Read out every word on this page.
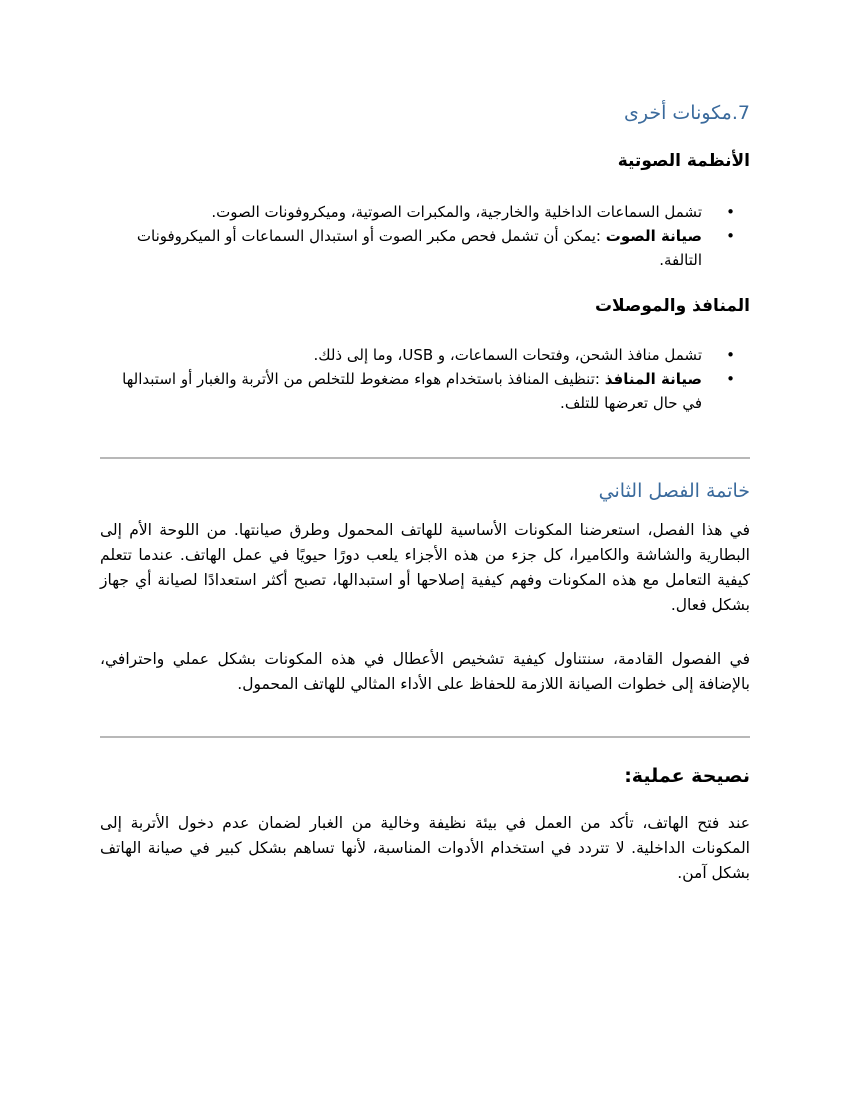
7.مكونات أخرى
الأنظمة الصوتية
•
تشمل السماعات الداخلية والخارجية، والمكبرات الصوتية، وميكروفونات الصوت.
•
صيانة الصوت :يمكن أن تشمل فحص مكبر الصوت أو استبدال السماعات أو الميكروفونات التالفة.
المنافذ والموصلات
•
تشمل منافذ الشحن، وفتحات السماعات، و USB، وما إلى ذلك.
•
صيانة المنافذ :تنظيف المنافذ باستخدام هواء مضغوط للتخلص من الأتربة والغبار أو استبدالها في حال تعرضها للتلف.
خاتمة الفصل الثاني

في هذا الفصل، استعرضنا المكونات الأساسية للهاتف المحمول وطرق صيانتها. من اللوحة الأم إلى البطارية والشاشة والكاميرا، كل جزء من هذه الأجزاء يلعب دورًا حيويًا في عمل الهاتف. عندما تتعلم كيفية التعامل مع هذه المكونات وفهم كيفية إصلاحها أو استبدالها، تصبح أكثر استعدادًا لصيانة أي جهاز بشكل فعال.

في الفصول القادمة، سنتناول كيفية تشخيص الأعطال في هذه المكونات بشكل عملي واحترافي، بالإضافة إلى خطوات الصيانة اللازمة للحفاظ على الأداء المثالي للهاتف المحمول.

نصيحة عملية:

عند فتح الهاتف، تأكد من العمل في بيئة نظيفة وخالية من الغبار لضمان عدم دخول الأتربة إلى المكونات الداخلية. لا تتردد في استخدام الأدوات المناسبة، لأنها تساهم بشكل كبير في صيانة الهاتف بشكل آمن.
